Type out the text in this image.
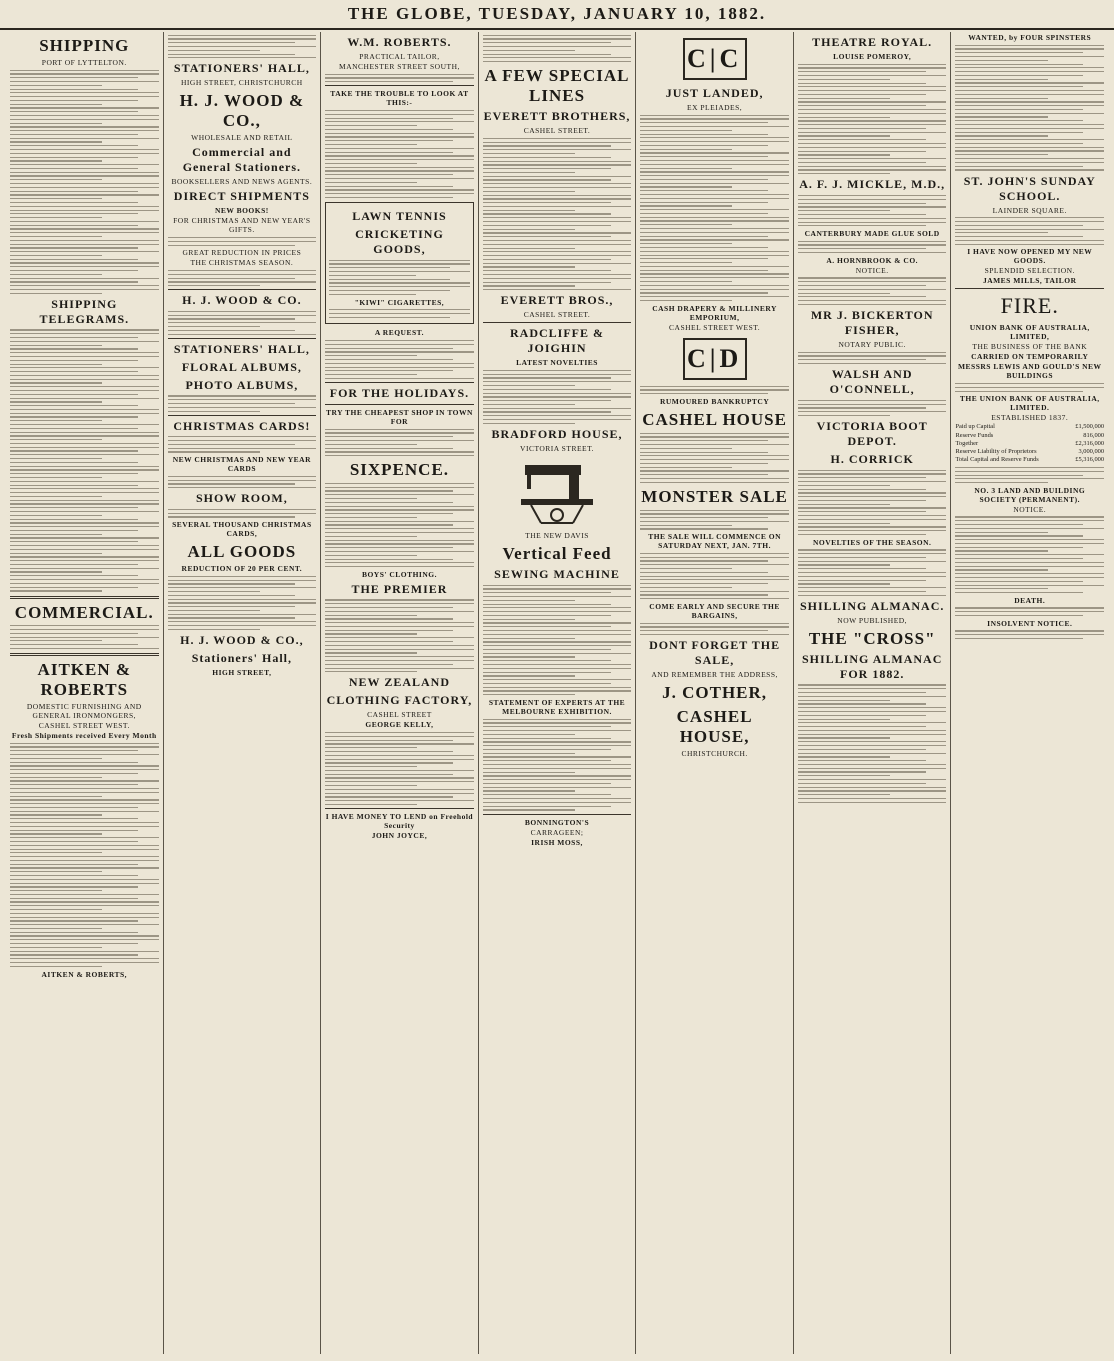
THE GLOBE, TUESDAY, JANUARY 10, 1882.
SHIPPING
PORT OF LYTTELTON.
SHIPPING TELEGRAMS.
COMMERCIAL.
AITKEN & ROBERTS
DOMESTIC FURNISHING AND GENERAL IRONMONGERS,
CASHEL STREET WEST.
Fresh Shipments received Every Month
AITKEN & ROBERTS,
STATIONERS' HALL,
HIGH STREET, CHRISTCHURCH
H. J. WOOD & CO.,
WHOLESALE AND RETAIL
Commercial and General Stationers.
BOOKSELLERS AND NEWS AGENTS.
DIRECT SHIPMENTS
NEW BOOKS!
FOR CHRISTMAS AND NEW YEAR'S GIFTS.
GREAT REDUCTION IN PRICES
THE CHRISTMAS SEASON.
H. J. WOOD & CO.
STATIONERS' HALL,
FLORAL ALBUMS,
PHOTO ALBUMS,
CHRISTMAS CARDS!
NEW CHRISTMAS AND NEW YEAR CARDS
SHOW ROOM,
SEVERAL THOUSAND CHRISTMAS CARDS,
ALL GOODS
REDUCTION OF 20 PER CENT.
H. J. WOOD & CO.,
Stationers' Hall,
HIGH STREET,
W.M. ROBERTS.
PRACTICAL TAILOR,
MANCHESTER STREET SOUTH,
TAKE THE TROUBLE TO LOOK AT THIS:-
LAWN TENNIS
CRICKETING GOODS,
"KIWI" CIGARETTES,
A REQUEST.
FOR THE HOLIDAYS.
TRY THE CHEAPEST SHOP IN TOWN FOR
SIXPENCE.
BOYS' CLOTHING.
THE PREMIER
NEW ZEALAND
CLOTHING FACTORY,
CASHEL STREET
GEORGE KELLY,
I HAVE MONEY TO LEND on Freehold Security
JOHN JOYCE,
A FEW SPECIAL LINES
EVERETT BROTHERS,
CASHEL STREET.
EVERETT BROS.,
CASHEL STREET.
RADCLIFFE & JOIGHIN
LATEST NOVELTIES
BRADFORD HOUSE,
VICTORIA STREET.
THE NEW DAVIS
Vertical Feed
SEWING MACHINE
STATEMENT OF EXPERTS AT THE MELBOURNE EXHIBITION.
BONNINGTON'S
CARRAGEEN;
IRISH MOSS,
C|C
JUST LANDED,
EX PLEIADES,
CASH DRAPERY & MILLINERY EMPORIUM,
CASHEL STREET WEST.
C|D
RUMOURED BANKRUPTCY
CASHEL HOUSE
MONSTER SALE
THE SALE WILL COMMENCE ON SATURDAY NEXT, JAN. 7TH.
COME EARLY AND SECURE THE BARGAINS,
DONT FORGET THE SALE,
AND REMEMBER THE ADDRESS,
J. COTHER,
CASHEL HOUSE,
CHRISTCHURCH.
THEATRE ROYAL.
LOUISE POMEROY,
A. F. J. MICKLE, M.D.,
CANTERBURY MADE GLUE SOLD
A. HORNBROOK & CO.
NOTICE.
MR J. BICKERTON FISHER,
NOTARY PUBLIC.
WALSH AND O'CONNELL,
VICTORIA BOOT DEPOT.
H. CORRICK
NOVELTIES OF THE SEASON.
SHILLING ALMANAC.
NOW PUBLISHED,
THE "CROSS"
SHILLING ALMANAC FOR 1882.
WANTED, by FOUR SPINSTERS
ST. JOHN'S SUNDAY SCHOOL.
LAINDER SQUARE.
I HAVE NOW OPENED MY NEW GOODS.
SPLENDID SELECTION.
JAMES MILLS, TAILOR
FIRE.
UNION BANK OF AUSTRALIA, LIMITED,
THE BUSINESS OF THE BANK
CARRIED ON TEMPORARILY
MESSRS LEWIS AND GOULD'S NEW BUILDINGS
THE UNION BANK OF AUSTRALIA, LIMITED.
ESTABLISHED 1837.
Paid up Capital	£1,500,000
Reserve Funds	816,000
Together	£2,316,000
Reserve Liability of Proprietors	3,000,000
Total Capital and Reserve Funds	£5,316,000
NO. 3 LAND AND BUILDING SOCIETY (PERMANENT).
NOTICE.
DEATH.
INSOLVENT NOTICE.
